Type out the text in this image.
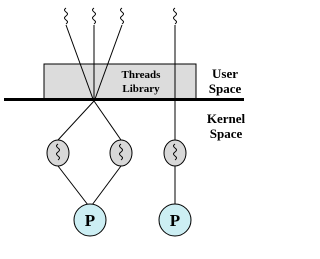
Threads
Library
P	P
User
Space
Kernel
Space
